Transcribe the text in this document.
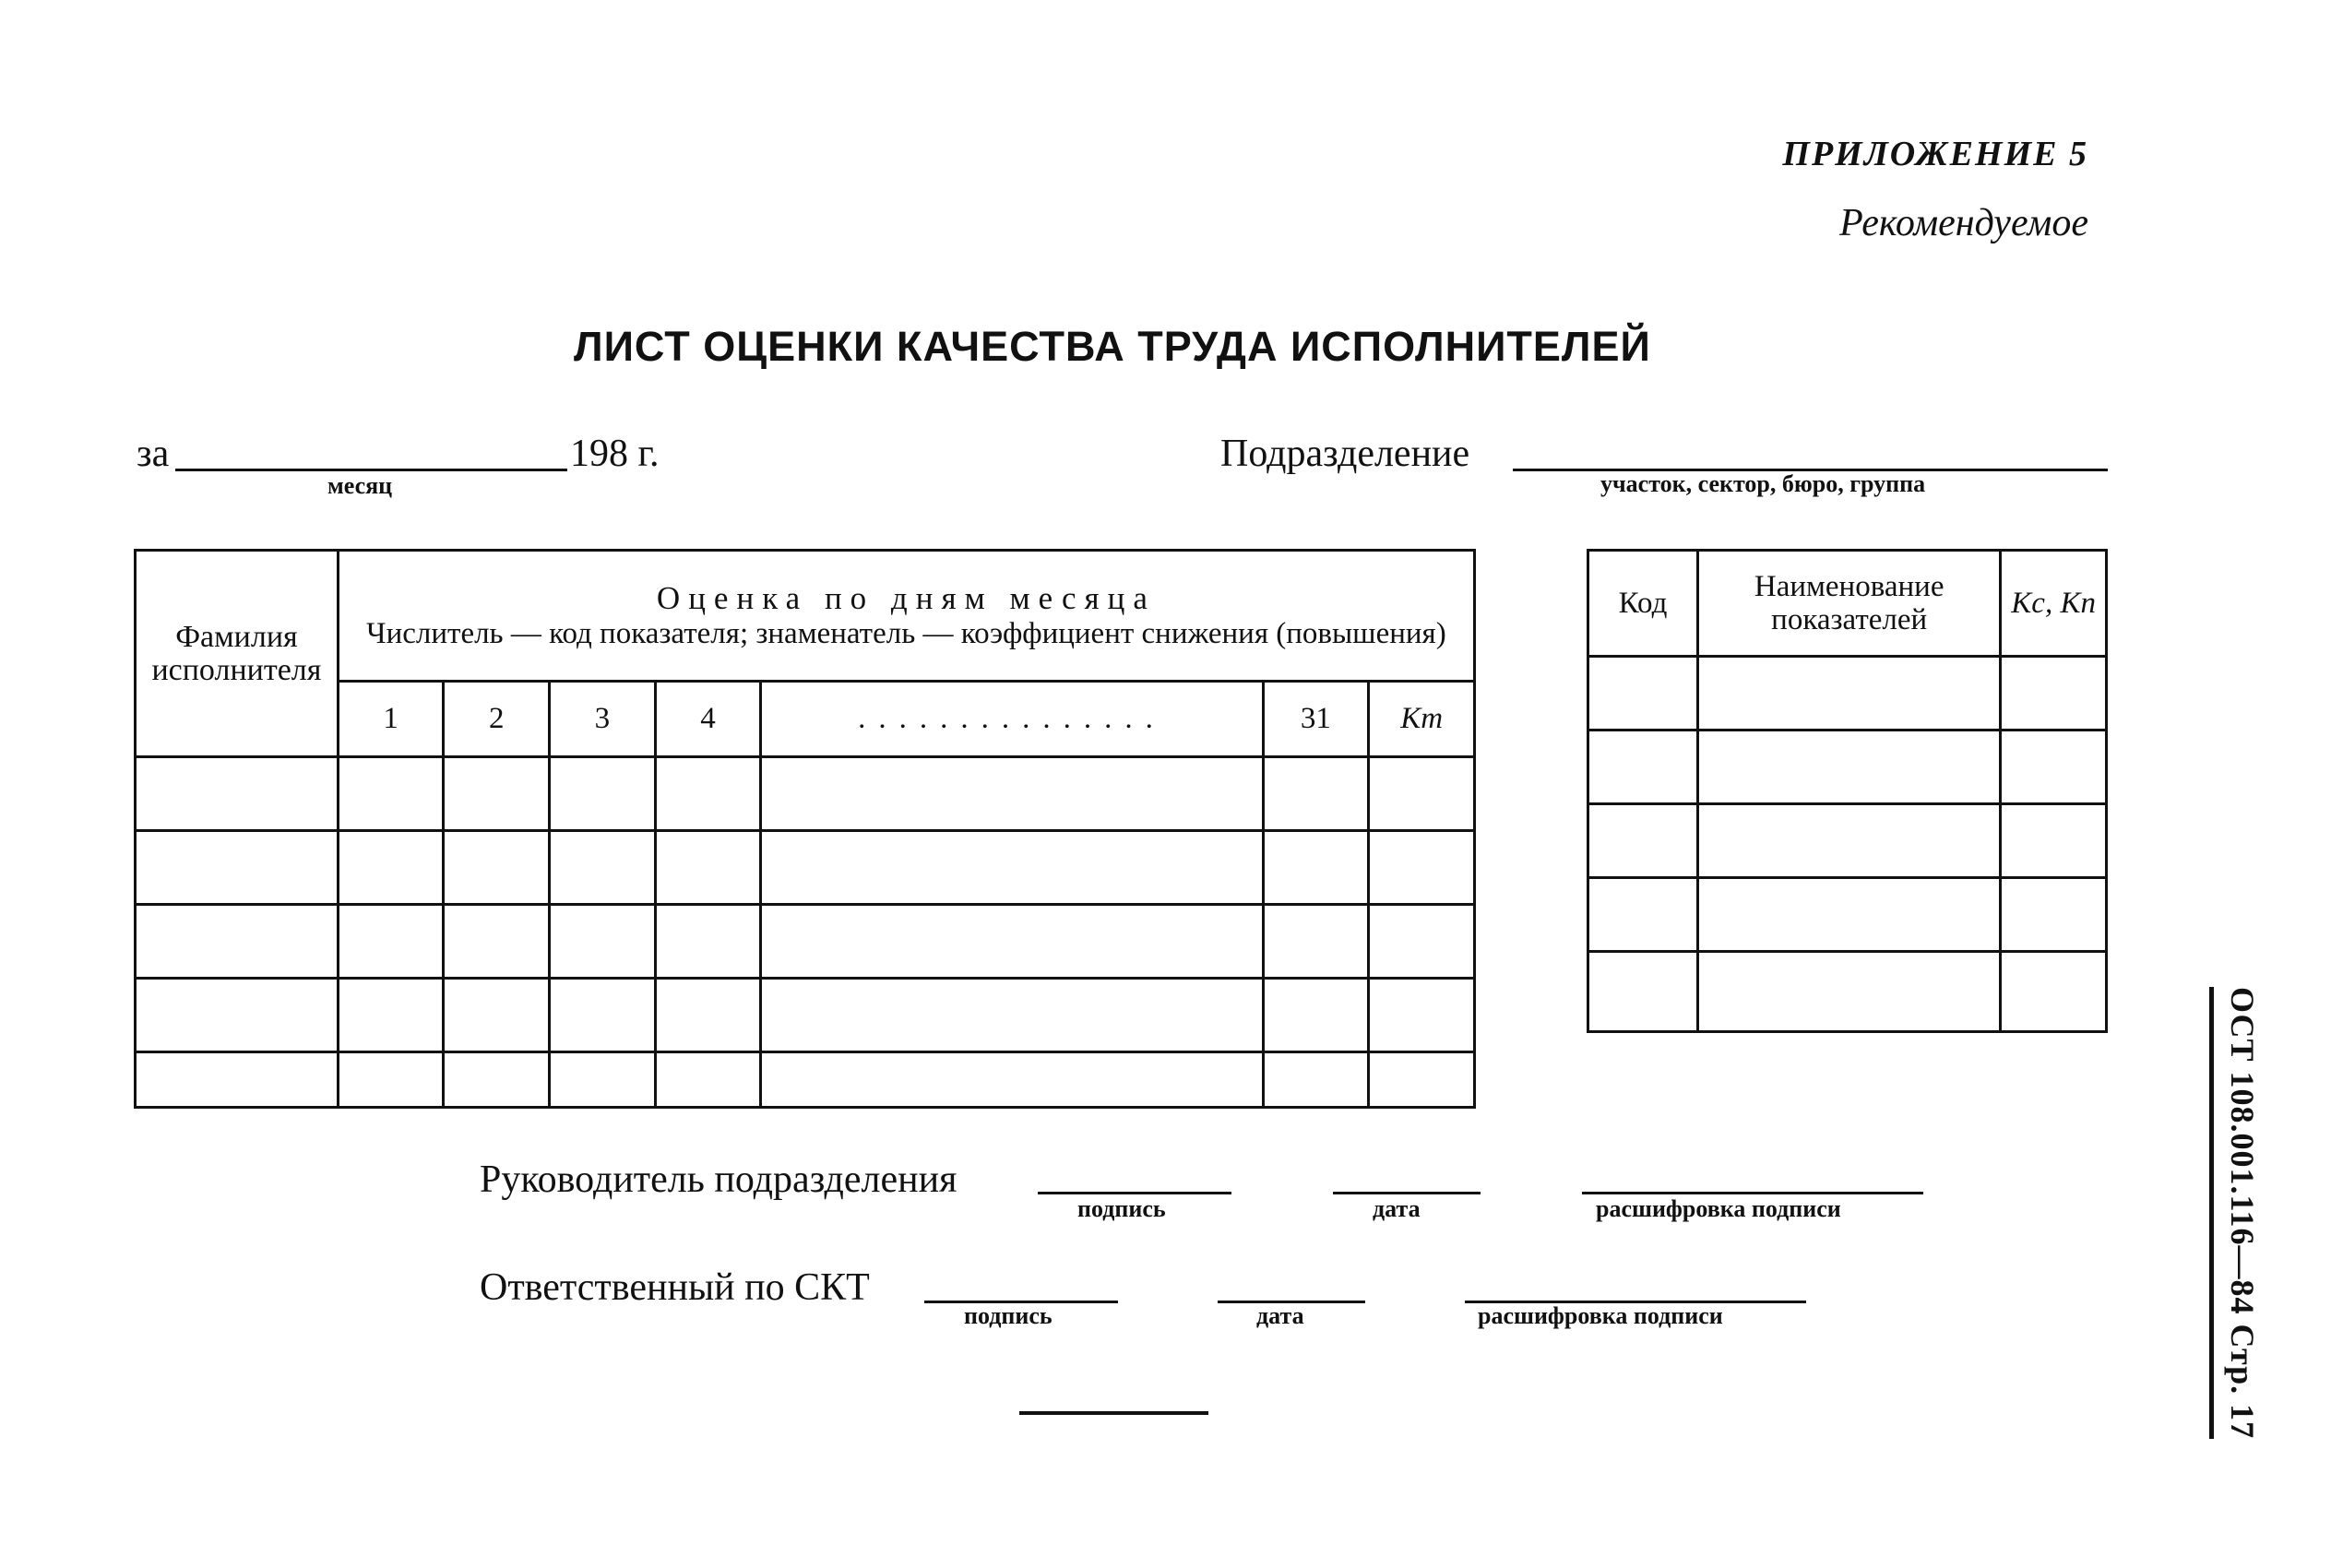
ПРИЛОЖЕНИЕ 5
Рекомендуемое
ЛИСТ ОЦЕНКИ КАЧЕСТВА ТРУДА ИСПОЛНИТЕЛЕЙ
за
месяц
198 г.	Подразделение
участок, сектор, бюро, группа
Фамилия исполнителя	Оценка по дням месяца
Числитель — код показателя; знаменатель — коэффициент снижения (повышения)						

	1	2	3	4	...............	31	Kт

Код	Наименование показателей	Kс, Kп

Руководитель подразделения
подпись	дата	расшифровка подписи
Ответственный по СКТ
подпись	дата	расшифровка подписи	ОСТ 108.001.116—84 Стр. 17
